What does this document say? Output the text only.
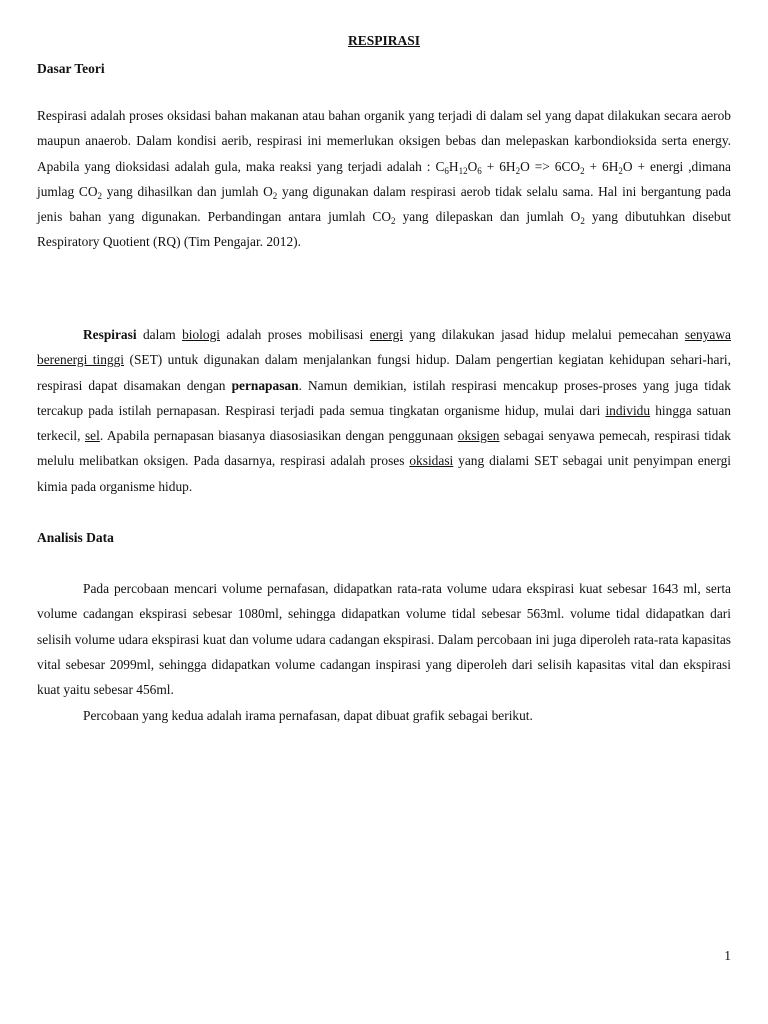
RESPIRASI
Dasar Teori

Respirasi adalah proses oksidasi bahan makanan atau bahan organik yang terjadi di dalam sel yang dapat dilakukan secara aerob maupun anaerob. Dalam kondisi aerib, respirasi ini memerlukan oksigen bebas dan melepaskan karbondioksida serta energy. Apabila yang dioksidasi adalah gula, maka reaksi yang terjadi adalah : $C_6H_{12}O_6 + 6H_2O => 6CO_2 + 6H_2O$ + energi ,dimana jumlag $CO_2$ yang dihasilkan dan jumlah $O_2$ yang digunakan dalam respirasi aerob tidak selalu sama. Hal ini bergantung pada jenis bahan yang digunakan. Perbandingan antara jumlah $CO_2$ yang dilepaskan dan jumlah $O_2$ yang dibutuhkan disebut Respiratory Quotient (RQ) (Tim Pengajar. 2012).

Respirasi dalam biologi adalah proses mobilisasi energi yang dilakukan jasad hidup melalui pemecahan senyawa berenergi tinggi (SET) untuk digunakan dalam menjalankan fungsi hidup. Dalam pengertian kegiatan kehidupan sehari-hari, respirasi dapat disamakan dengan pernapasan. Namun demikian, istilah respirasi mencakup proses-proses yang juga tidak tercakup pada istilah pernapasan. Respirasi terjadi pada semua tingkatan organisme hidup, mulai dari individu hingga satuan terkecil, sel. Apabila pernapasan biasanya diasosiasikan dengan penggunaan oksigen sebagai senyawa pemecah, respirasi tidak melulu melibatkan oksigen. Pada dasarnya, respirasi adalah proses oksidasi yang dialami SET sebagai unit penyimpan energi kimia pada organisme hidup.

Analisis Data

Pada percobaan mencari volume pernafasan, didapatkan rata-rata volume udara ekspirasi kuat sebesar 1643 ml, serta volume cadangan ekspirasi sebesar 1080ml, sehingga didapatkan volume tidal sebesar 563ml. volume tidal didapatkan dari selisih volume udara ekspirasi kuat dan volume udara cadangan ekspirasi. Dalam percobaan ini juga diperoleh rata-rata kapasitas vital sebesar 2099ml, sehingga didapatkan volume cadangan inspirasi yang diperoleh dari selisih kapasitas vital dan ekspirasi kuat yaitu sebesar 456ml.

Percobaan yang kedua adalah irama pernafasan, dapat dibuat grafik sebagai berikut.

1
